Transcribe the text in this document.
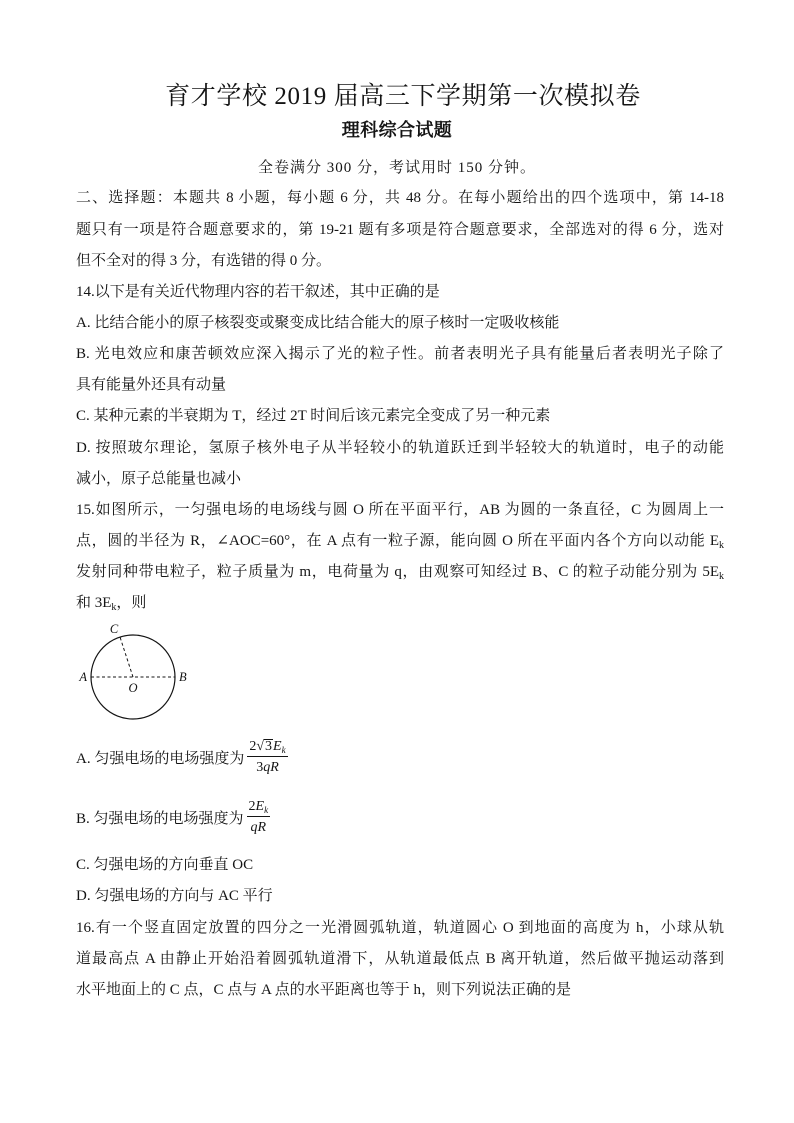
育才学校 2019 届高三下学期第一次模拟卷
理科综合试题
全卷满分 300 分，考试用时 150 分钟。
二、选择题：本题共 8 小题，每小题 6 分，共 48 分。在每小题给出的四个选项中，第 14-18
题只有一项是符合题意要求的，第 19-21 题有多项是符合题意要求，全部选对的得 6 分，选对
但不全对的得 3 分，有选错的得 0 分。
14.以下是有关近代物理内容的若干叙述，其中正确的是
A. 比结合能小的原子核裂变或聚变成比结合能大的原子核时一定吸收核能
B. 光电效应和康苦顿效应深入揭示了光的粒子性。前者表明光子具有能量后者表明光子除了
具有能量外还具有动量
C. 某种元素的半衰期为 T，经过 2T 时间后该元素完全变成了另一种元素
D. 按照玻尔理论，氢原子核外电子从半轻较小的轨道跃迁到半轻较大的轨道时，电子的动能
减小，原子总能量也减小
15.如图所示，一匀强电场的电场线与圆 O 所在平面平行，AB 为圆的一条直径，C 为圆周上一
点，圆的半径为 R，∠AOC=60°，在 A 点有一粒子源，能向圆 O 所在平面内各个方向以动能 $E_k$
发射同种带电粒子，粒子质量为 m，电荷量为 q，由观察可知经过 B、C 的粒子动能分别为 $5E_k$
和 $3E_k$，则
C
A
O
B
A. 匀强电场的电场强度为 $\frac{2√3E_k}{3qR}$
B. 匀强电场的电场强度为 $\frac{2E_k}{qR}$
C. 匀强电场的方向垂直 OC
D. 匀强电场的方向与 AC 平行
16.有一个竖直固定放置的四分之一光滑圆弧轨道，轨道圆心 O 到地面的高度为 h，小球从轨
道最高点 A 由静止开始沿着圆弧轨道滑下，从轨道最低点 B 离开轨道，然后做平抛运动落到
水平地面上的 C 点，C 点与 A 点的水平距离也等于 h，则下列说法正确的是
